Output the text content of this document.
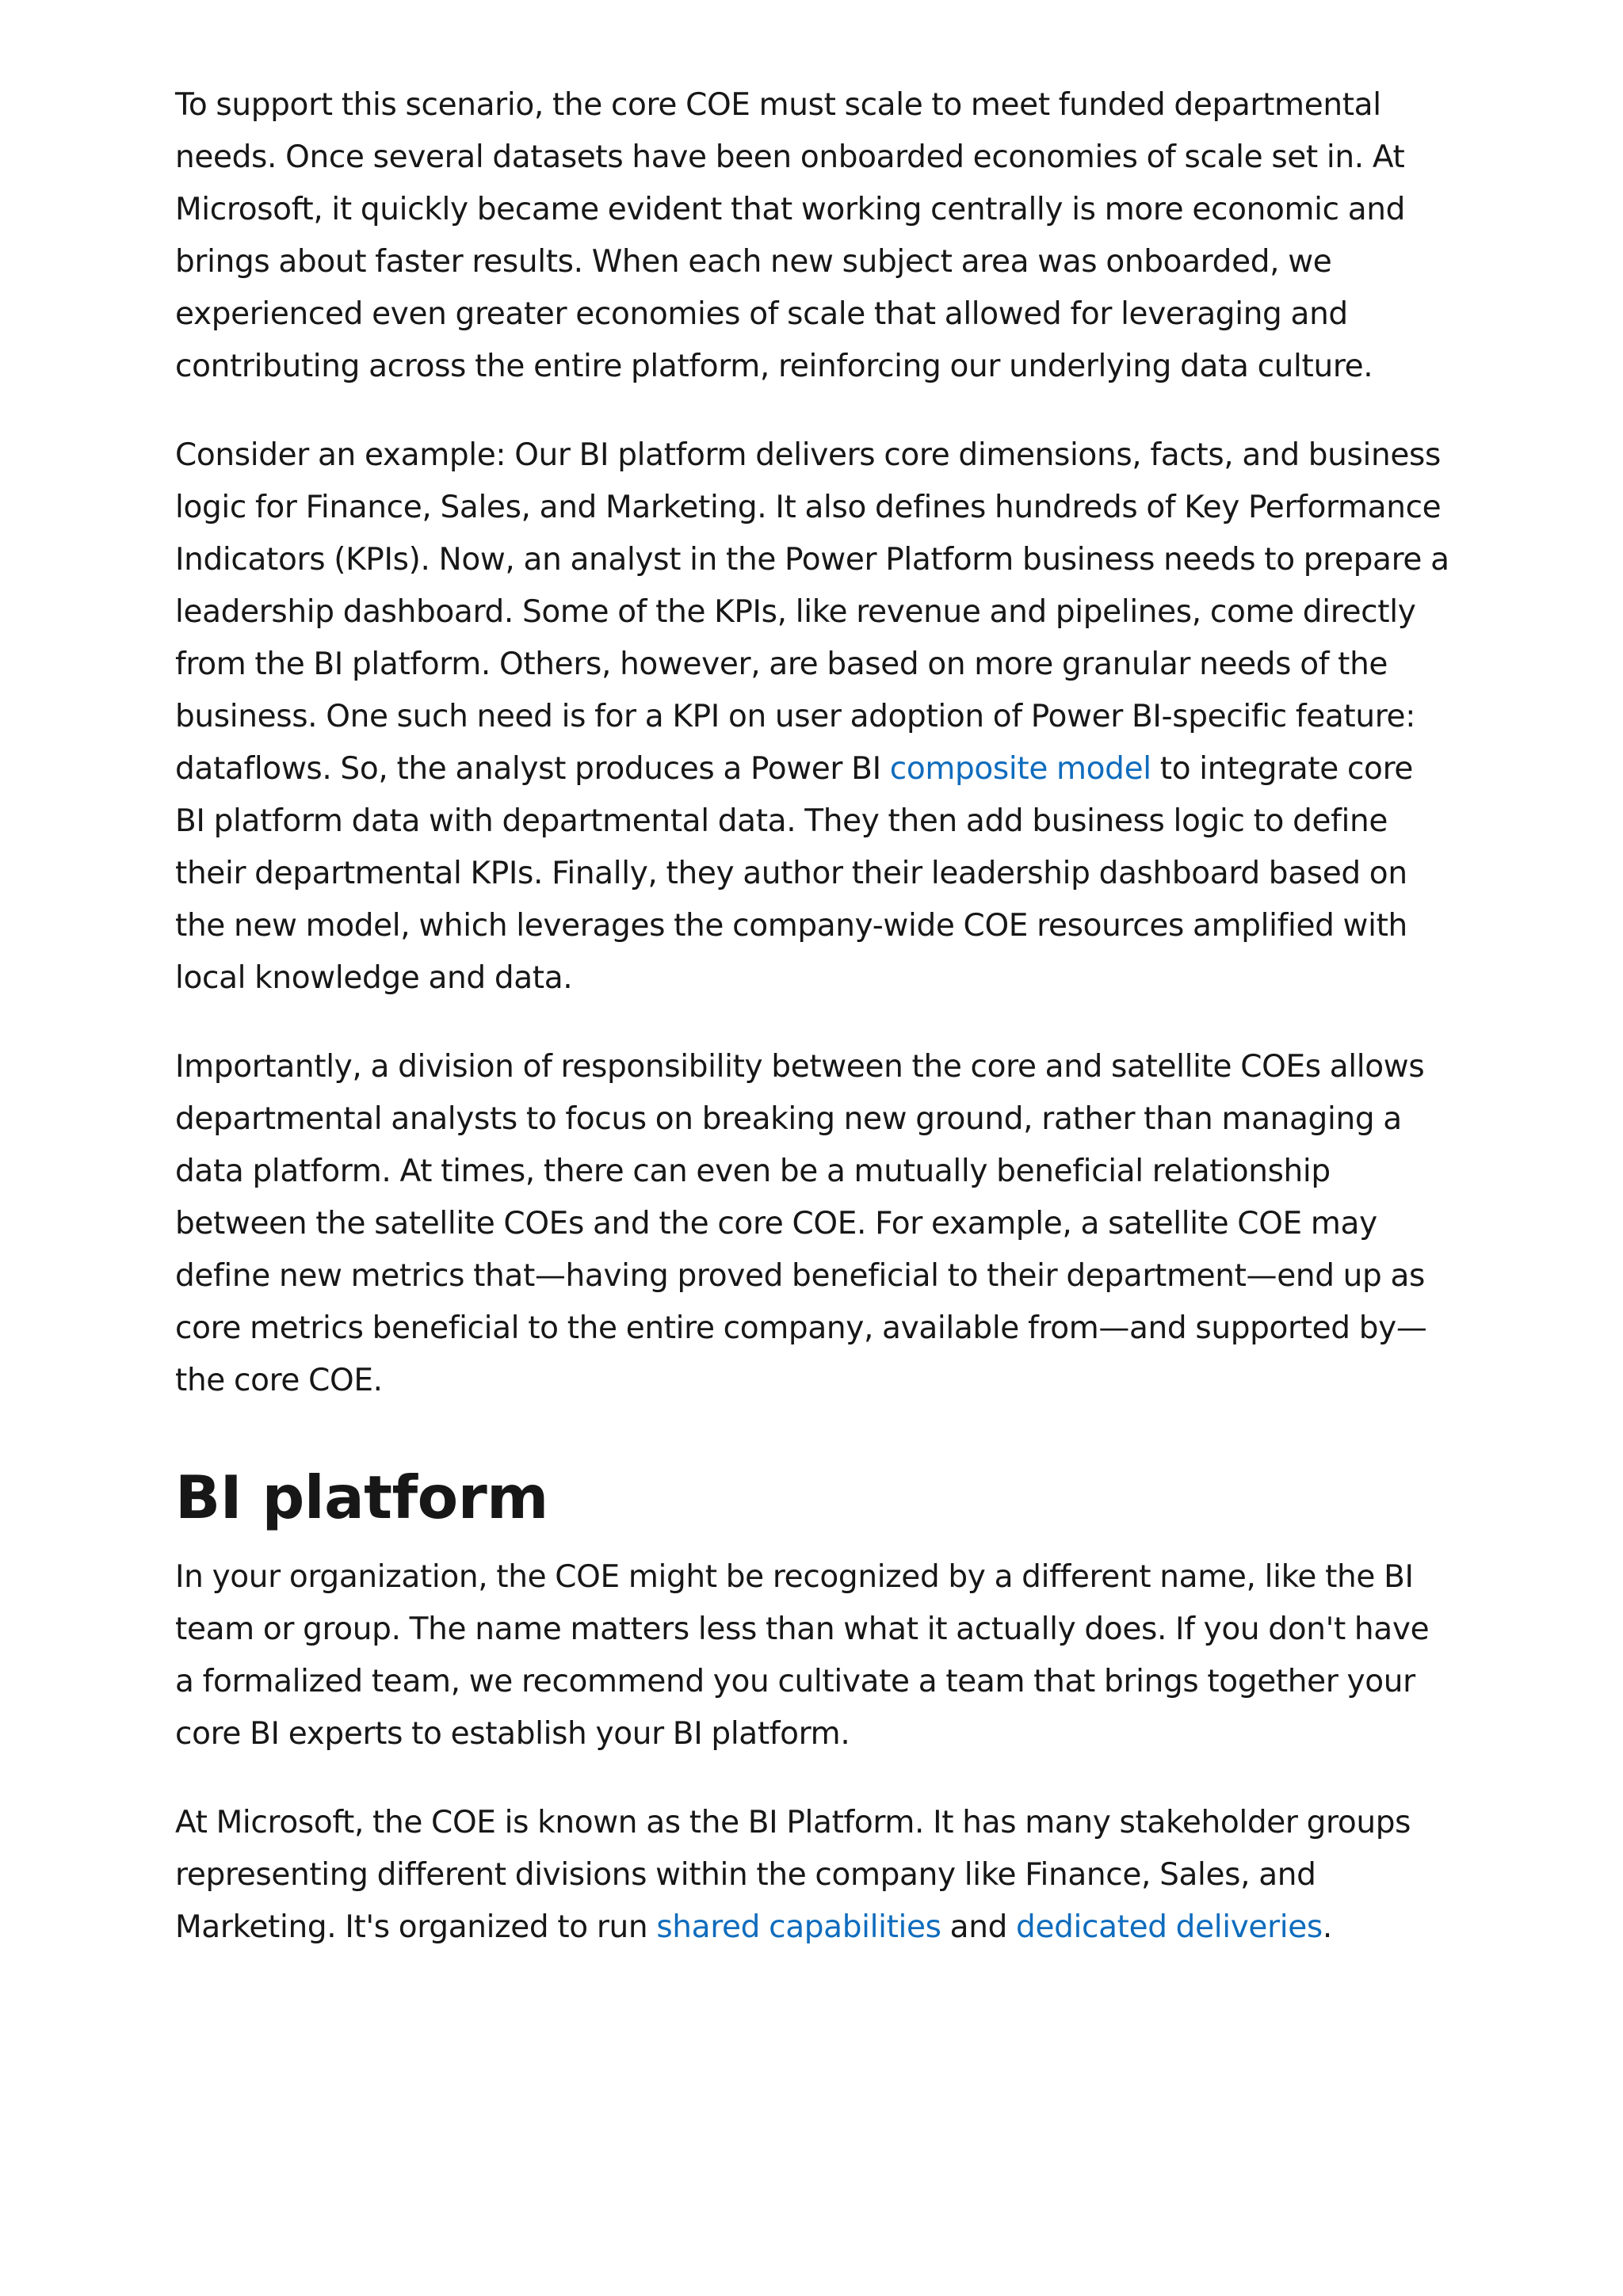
To support this scenario, the core COE must scale to meet funded departmental needs. Once several datasets have been onboarded economies of scale set in. At Microsoft, it quickly became evident that working centrally is more economic and brings about faster results. When each new subject area was onboarded, we experienced even greater economies of scale that allowed for leveraging and contributing across the entire platform, reinforcing our underlying data culture.

Consider an example: Our BI platform delivers core dimensions, facts, and business logic for Finance, Sales, and Marketing. It also defines hundreds of Key Performance Indicators (KPIs). Now, an analyst in the Power Platform business needs to prepare a leadership dashboard. Some of the KPIs, like revenue and pipelines, come directly from the BI platform. Others, however, are based on more granular needs of the business. One such need is for a KPI on user adoption of Power BI-specific feature: dataflows. So, the analyst produces a Power BI composite model to integrate core BI platform data with departmental data. They then add business logic to define their departmental KPIs. Finally, they author their leadership dashboard based on the new model, which leverages the company-wide COE resources amplified with local knowledge and data.

Importantly, a division of responsibility between the core and satellite COEs allows departmental analysts to focus on breaking new ground, rather than managing a data platform. At times, there can even be a mutually beneficial relationship between the satellite COEs and the core COE. For example, a satellite COE may define new metrics that—having proved beneficial to their department—end up as core metrics beneficial to the entire company, available from—and supported by—the core COE.

BI platform

In your organization, the COE might be recognized by a different name, like the BI team or group. The name matters less than what it actually does. If you don't have a formalized team, we recommend you cultivate a team that brings together your core BI experts to establish your BI platform.

At Microsoft, the COE is known as the BI Platform. It has many stakeholder groups representing different divisions within the company like Finance, Sales, and Marketing. It's organized to run shared capabilities and dedicated deliveries.
